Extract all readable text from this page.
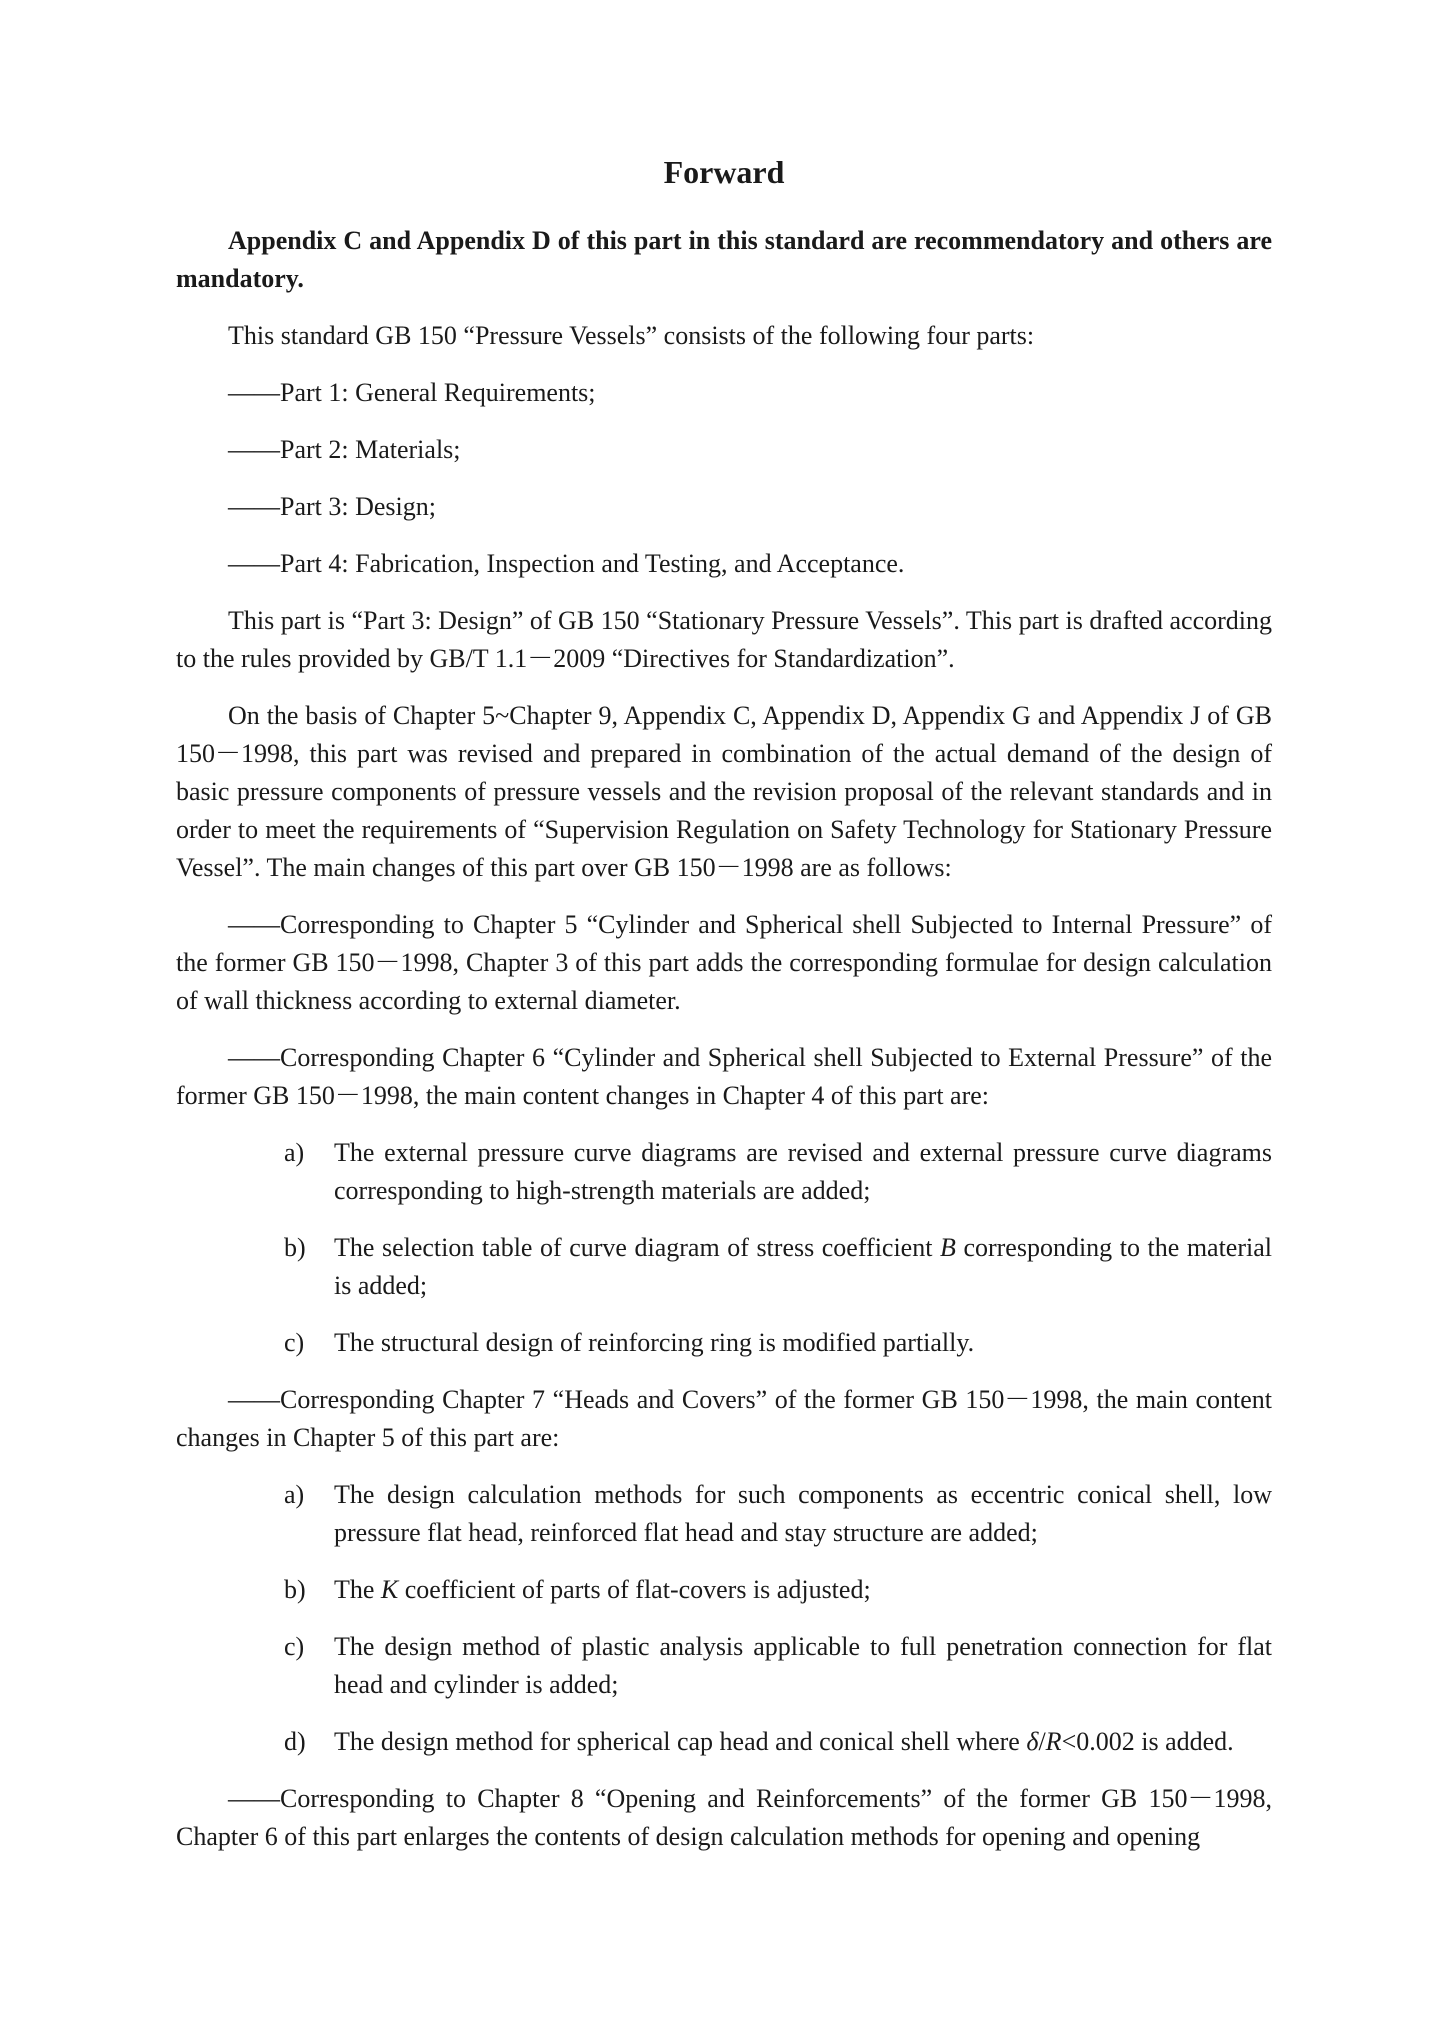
Forward

Appendix C and Appendix D of this part in this standard are recommendatory and others are mandatory.

This standard GB 150 “Pressure Vessels” consists of the following four parts:

——Part 1: General Requirements;

——Part 2: Materials;

——Part 3: Design;

——Part 4: Fabrication, Inspection and Testing, and Acceptance.

This part is “Part 3: Design” of GB 150 “Stationary Pressure Vessels”. This part is drafted according to the rules provided by GB/T 1.1－2009 “Directives for Standardization”.

On the basis of Chapter 5~Chapter 9, Appendix C, Appendix D, Appendix G and Appendix J of GB 150－1998, this part was revised and prepared in combination of the actual demand of the design of basic pressure components of pressure vessels and the revision proposal of the relevant standards and in order to meet the requirements of “Supervision Regulation on Safety Technology for Stationary Pressure Vessel”. The main changes of this part over GB 150－1998 are as follows:

——Corresponding to Chapter 5 “Cylinder and Spherical shell Subjected to Internal Pressure” of the former GB 150－1998, Chapter 3 of this part adds the corresponding formulae for design calculation of wall thickness according to external diameter.

——Corresponding Chapter 6 “Cylinder and Spherical shell Subjected to External Pressure” of the former GB 150－1998, the main content changes in Chapter 4 of this part are:

a) The external pressure curve diagrams are revised and external pressure curve diagrams corresponding to high-strength materials are added;
b) The selection table of curve diagram of stress coefficient B corresponding to the material is added;
c) The structural design of reinforcing ring is modified partially.

——Corresponding Chapter 7 “Heads and Covers” of the former GB 150－1998, the main content changes in Chapter 5 of this part are:

a) The design calculation methods for such components as eccentric conical shell, low pressure flat head, reinforced flat head and stay structure are added;
b) The K coefficient of parts of flat-covers is adjusted;
c) The design method of plastic analysis applicable to full penetration connection for flat head and cylinder is added;
d) The design method for spherical cap head and conical shell where δ/R<0.002 is added.

——Corresponding to Chapter 8 “Opening and Reinforcements” of the former GB 150－1998, Chapter 6 of this part enlarges the contents of design calculation methods for opening and opening
